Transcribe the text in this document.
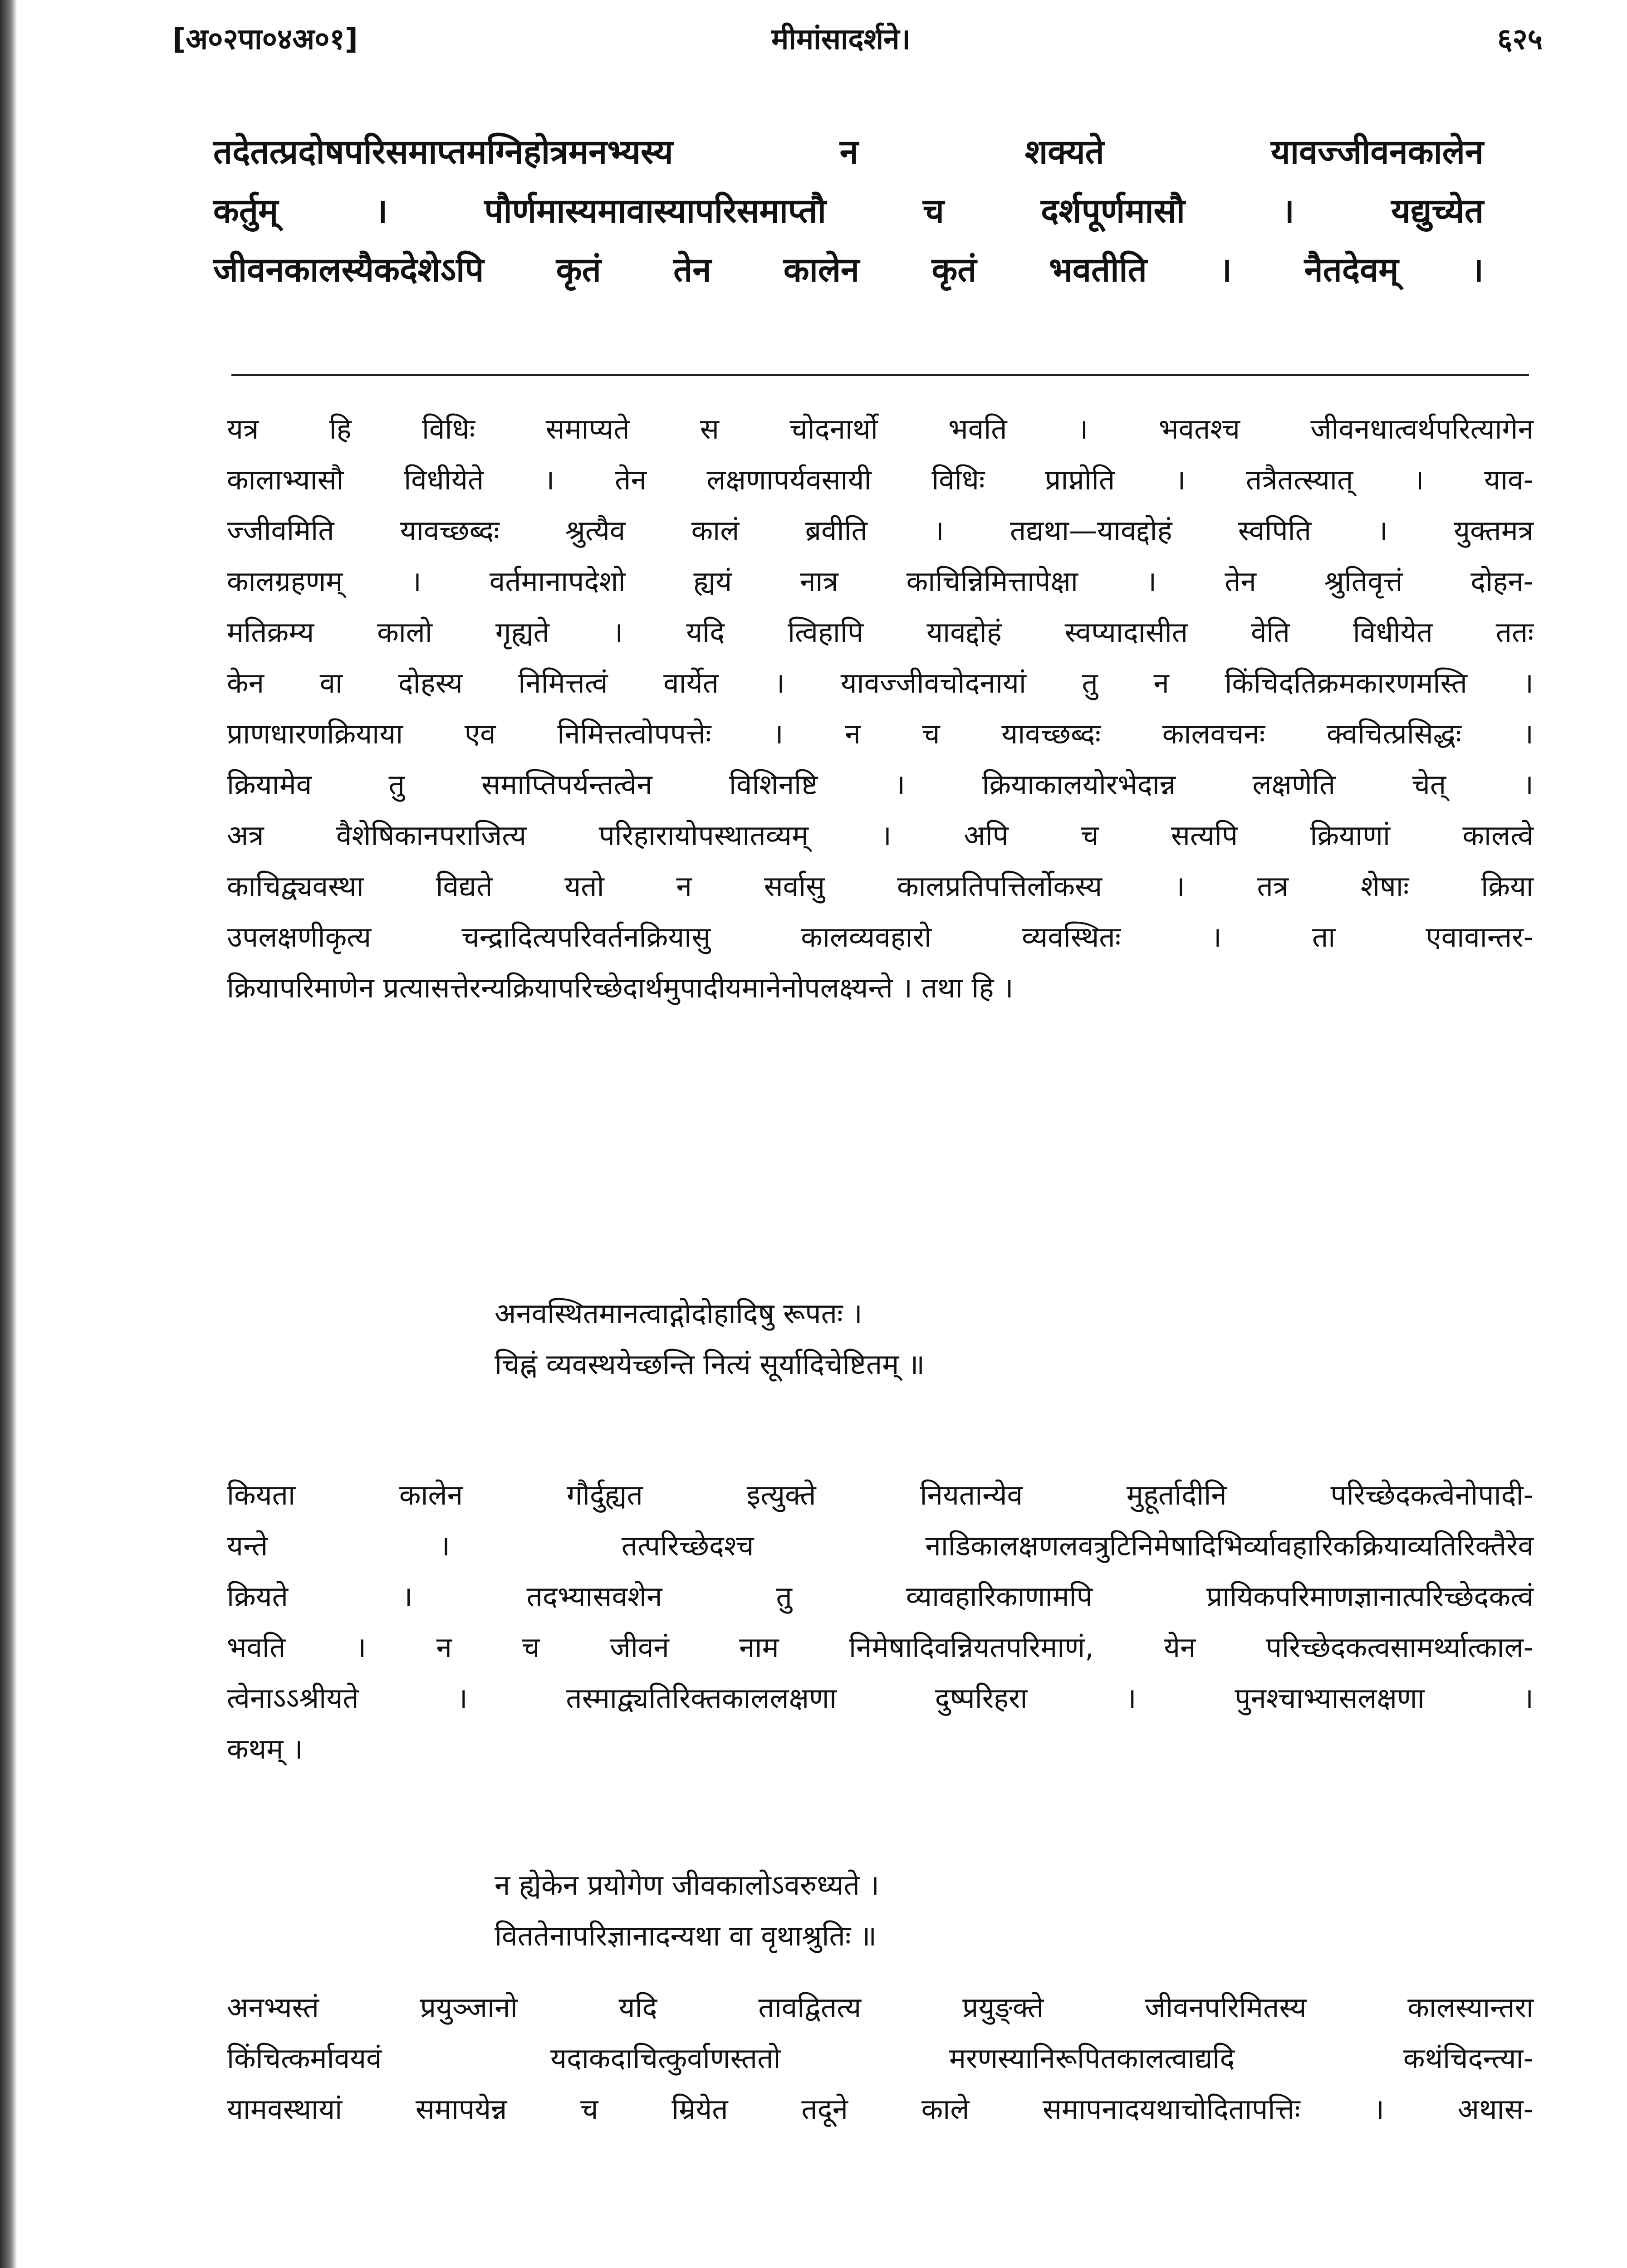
[अ०२पा०४अ०१]	मीमांसादर्शने।	६२५

तदेतत्प्रदोषपरिसमाप्तमग्निहोत्रमनभ्यस्य न शक्यते यावज्जीवनकालेन

कर्तुम् । पौर्णमास्यमावास्यापरिसमाप्तौ च दर्शपूर्णमासौ । यद्युच्येत

जीवनकालस्यैकदेशेऽपि कृतं तेन कालेन कृतं भवतीति । नैतदेवम् ।

यत्र हि विधिः समाप्यते स चोदनार्थो भवति । भवतश्च जीवनधात्वर्थपरित्यागेन

कालाभ्यासौ विधीयेते । तेन लक्षणापर्यवसायी विधिः प्राप्नोति । तत्रैतत्स्यात् । याव-

ज्जीवमिति यावच्छब्दः श्रुत्यैव कालं ब्रवीति । तद्यथा—यावद्दोहं स्वपिति । युक्तमत्र

कालग्रहणम् । वर्तमानापदेशो ह्ययं नात्र काचिन्निमित्तापेक्षा । तेन श्रुतिवृत्तं दोहन-

मतिक्रम्य कालो गृह्यते । यदि त्विहापि यावद्दोहं स्वप्यादासीत वेति विधीयेत ततः

केन वा दोहस्य निमित्तत्वं वार्येत । यावज्जीवचोदनायां तु न किंचिदतिक्रमकारणमस्ति ।

प्राणधारणक्रियाया एव निमित्तत्वोपपत्तेः । न च यावच्छब्दः कालवचनः क्वचित्प्रसिद्धः ।

क्रियामेव तु समाप्तिपर्यन्तत्वेन विशिनष्टि । क्रियाकालयोरभेदान्न लक्षणेति चेत् ।

अत्र वैशेषिकानपराजित्य परिहारायोपस्थातव्यम् । अपि च सत्यपि क्रियाणां कालत्वे

काचिद्व्यवस्था विद्यते यतो न सर्वासु कालप्रतिपत्तिर्लोकस्य । तत्र शेषाः क्रिया

उपलक्षणीकृत्य चन्द्रादित्यपरिवर्तनक्रियासु कालव्यवहारो व्यवस्थितः । ता एवावान्तर-

क्रियापरिमाणेन प्रत्यासत्तेरन्यक्रियापरिच्छेदार्थमुपादीयमानेनोपलक्ष्यन्ते । तथा हि ।

अनवस्थितमानत्वाद्गोदोहादिषु रूपतः ।

चिह्नं व्यवस्थयेच्छन्ति नित्यं सूर्यादिचेष्टितम् ॥

कियता कालेन गौर्दुह्यत इत्युक्ते नियतान्येव मुहूर्तादीनि परिच्छेदकत्वेनोपादी-

यन्ते । तत्परिच्छेदश्च नाडिकालक्षणलवत्रुटिनिमेषादिभिर्व्यावहारिकक्रियाव्यतिरिक्तैरेव

क्रियते । तदभ्यासवशेन तु व्यावहारिकाणामपि प्रायिकपरिमाणज्ञानात्परिच्छेदकत्वं

भवति । न च जीवनं नाम निमेषादिवन्नियतपरिमाणं, येन परिच्छेदकत्वसामर्थ्यात्काल-

त्वेनाऽऽश्रीयते । तस्माद्व्यतिरिक्तकाललक्षणा दुष्परिहरा । पुनश्चाभ्यासलक्षणा ।

कथम् ।

न ह्येकेन प्रयोगेण जीवकालोऽवरुध्यते ।

विततेनापरिज्ञानादन्यथा वा वृथाश्रुतिः ॥

अनभ्यस्तं प्रयुञ्जानो यदि तावद्वितत्य प्रयुङ्क्ते जीवनपरिमितस्य कालस्यान्तरा

किंचित्कर्मावयवं यदाकदाचित्कुर्वाणस्ततो मरणस्यानिरूपितकालत्वाद्यदि कथंचिदन्त्या-

यामवस्थायां समापयेन्न च म्रियेत तदूने काले समापनादयथाचोदितापत्तिः । अथास-
